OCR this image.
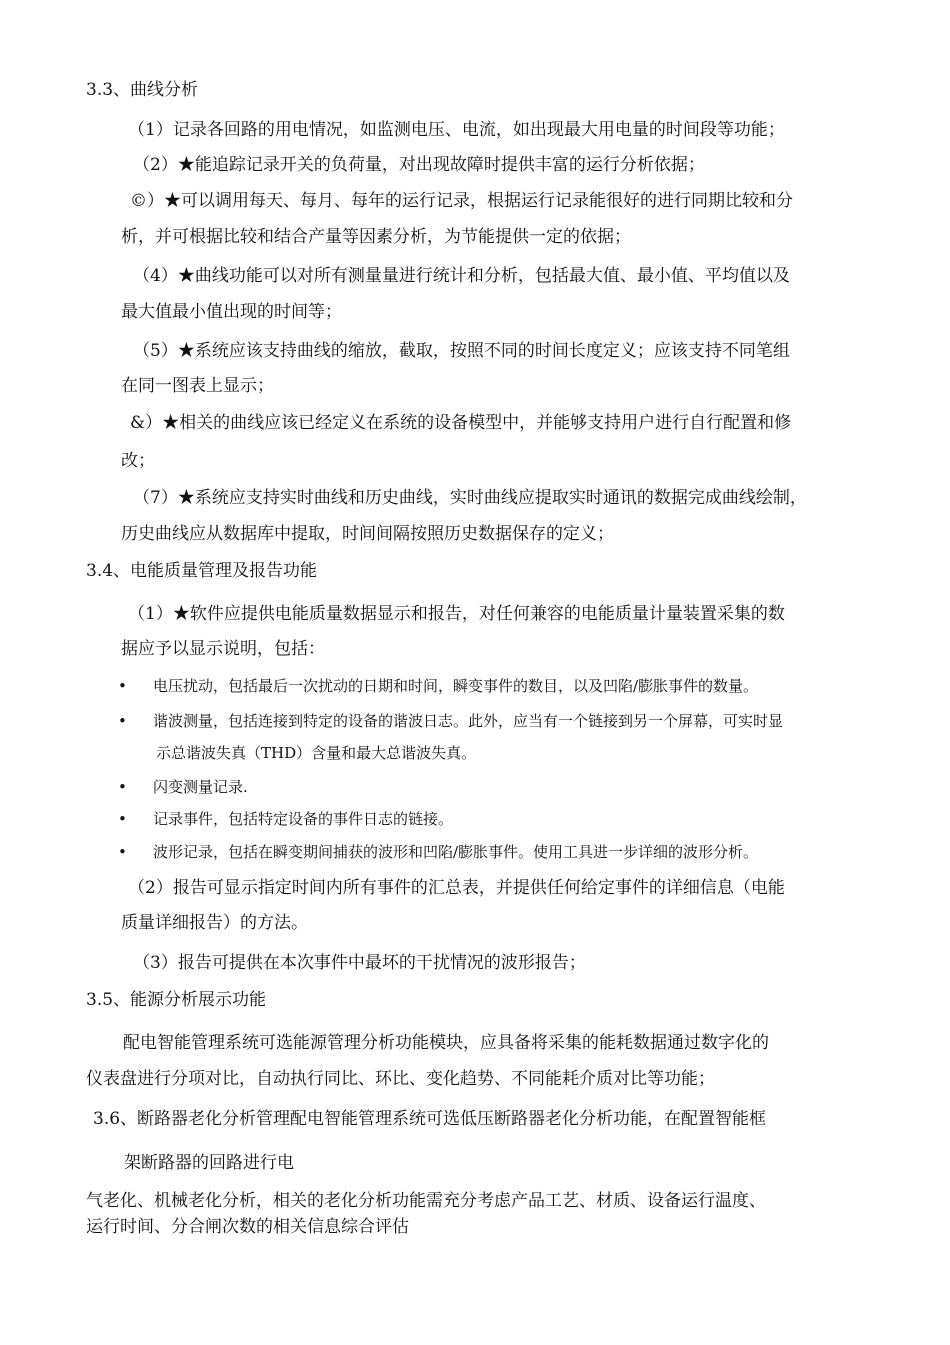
3.3、曲线分析
（1）记录各回路的用电情况，如监测电压、电流，如出现最大用电量的时间段等功能；
（2）★能追踪记录开关的负荷量，对出现故障时提供丰富的运行分析依据；
©）★可以调用每天、每月、每年的运行记录，根据运行记录能很好的进行同期比较和分
析，并可根据比较和结合产量等因素分析，为节能提供一定的依据；
（4）★曲线功能可以对所有测量量进行统计和分析，包括最大值、最小值、平均值以及
最大值最小值出现的时间等；
（5）★系统应该支持曲线的缩放，截取，按照不同的时间长度定义；应该支持不同笔组
在同一图表上显示；
&）★相关的曲线应该已经定义在系统的设备模型中，并能够支持用户进行自行配置和修
改；
（7）★系统应支持实时曲线和历史曲线，实时曲线应提取实时通讯的数据完成曲线绘制，
历史曲线应从数据库中提取，时间间隔按照历史数据保存的定义；
3.4、电能质量管理及报告功能
（1）★软件应提供电能质量数据显示和报告，对任何兼容的电能质量计量装置采集的数
据应予以显示说明，包括：
• 电压扰动，包括最后一次扰动的日期和时间，瞬变事件的数目，以及凹陷/膨胀事件的数量。
• 谐波测量，包括连接到特定的设备的谐波日志。此外，应当有一个链接到另一个屏幕，可实时显
示总谐波失真（THD）含量和最大总谐波失真。
• 闪变测量记录.
• 记录事件，包括特定设备的事件日志的链接。
• 波形记录，包括在瞬变期间捕获的波形和凹陷/膨胀事件。使用工具进一步详细的波形分析。
（2）报告可显示指定时间内所有事件的汇总表，并提供任何给定事件的详细信息（电能
质量详细报告）的方法。
（3）报告可提供在本次事件中最坏的干扰情况的波形报告；
3.5、能源分析展示功能
配电智能管理系统可选能源管理分析功能模块，应具备将采集的能耗数据通过数字化的
仪表盘进行分项对比，自动执行同比、环比、变化趋势、不同能耗介质对比等功能；
3.6、断路器老化分析管理配电智能管理系统可选低压断路器老化分析功能，在配置智能框
架断路器的回路进行电
气老化、机械老化分析，相关的老化分析功能需充分考虑产品工艺、材质、设备运行温度、
运行时间、分合闸次数的相关信息综合评估
